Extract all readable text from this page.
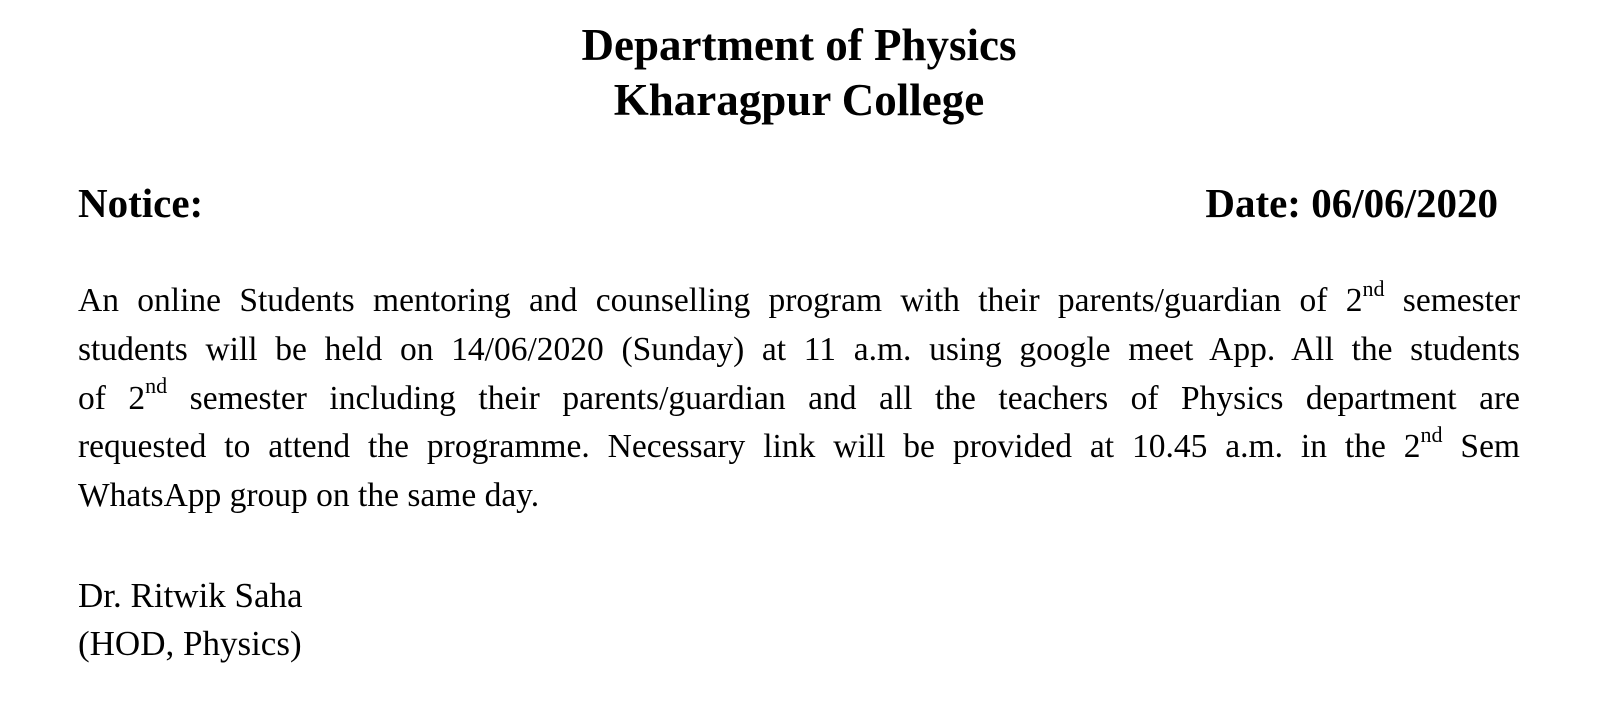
Department of Physics
Kharagpur College
Notice:	Date: 06/06/2020
An online Students mentoring and counselling program with their parents/guardian of 2nd semester
students will be held on 14/06/2020 (Sunday) at 11 a.m. using google meet App. All the students
of 2nd semester including their parents/guardian and all the teachers of Physics department are
requested to attend the programme. Necessary link will be provided at 10.45 a.m. in the 2nd Sem
WhatsApp group on the same day.
Dr. Ritwik Saha
(HOD, Physics)
